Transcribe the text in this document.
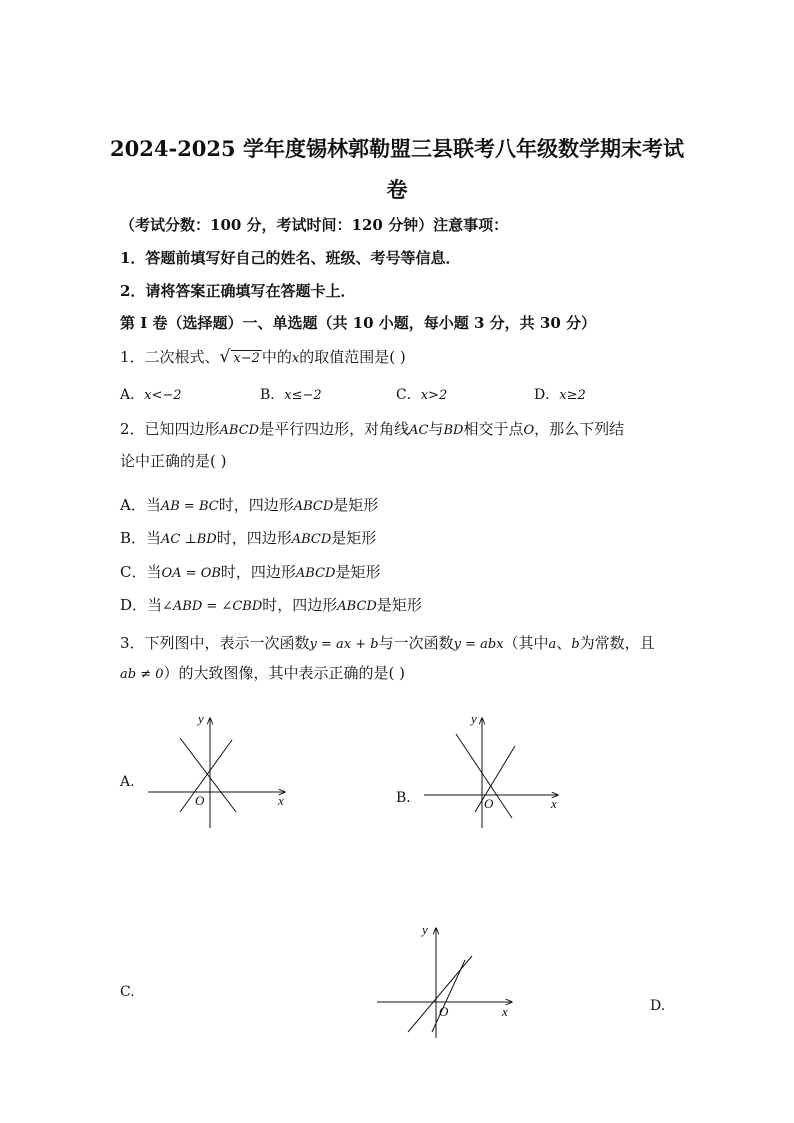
2024-2025 学年度锡林郭勒盟三县联考八年级数学期末考试
卷
（考试分数：100 分，考试时间：120 分钟）注意事项：
1．答题前填写好自己的姓名、班级、考号等信息．
2．请将答案正确填写在答题卡上．
第 I 卷（选择题）一、单选题（共 10 小题，每小题 3 分，共 30 分）
1．二次根式、√ x−2 中的x的取值范围是( )
A．x<−2	B．x≤−2	C．x>2	D．x≥2
2．已知四边形ABCD是平行四边形，对角线AC与BD相交于点O，那么下列结
论中正确的是( )
A．当AB = BC时，四边形ABCD是矩形
B．当AC ⊥BD时，四边形ABCD是矩形
C．当OA = OB时，四边形ABCD是矩形
D．当∠ABD = ∠CBD时，四边形ABCD是矩形
3．下列图中，表示一次函数y = ax + b与一次函数y = abx（其中a、b为常数，且
ab ≠ 0）的大致图像，其中表示正确的是( )
A.
x
y
O	B．	x
y
O
C.
x
y
O	D.
